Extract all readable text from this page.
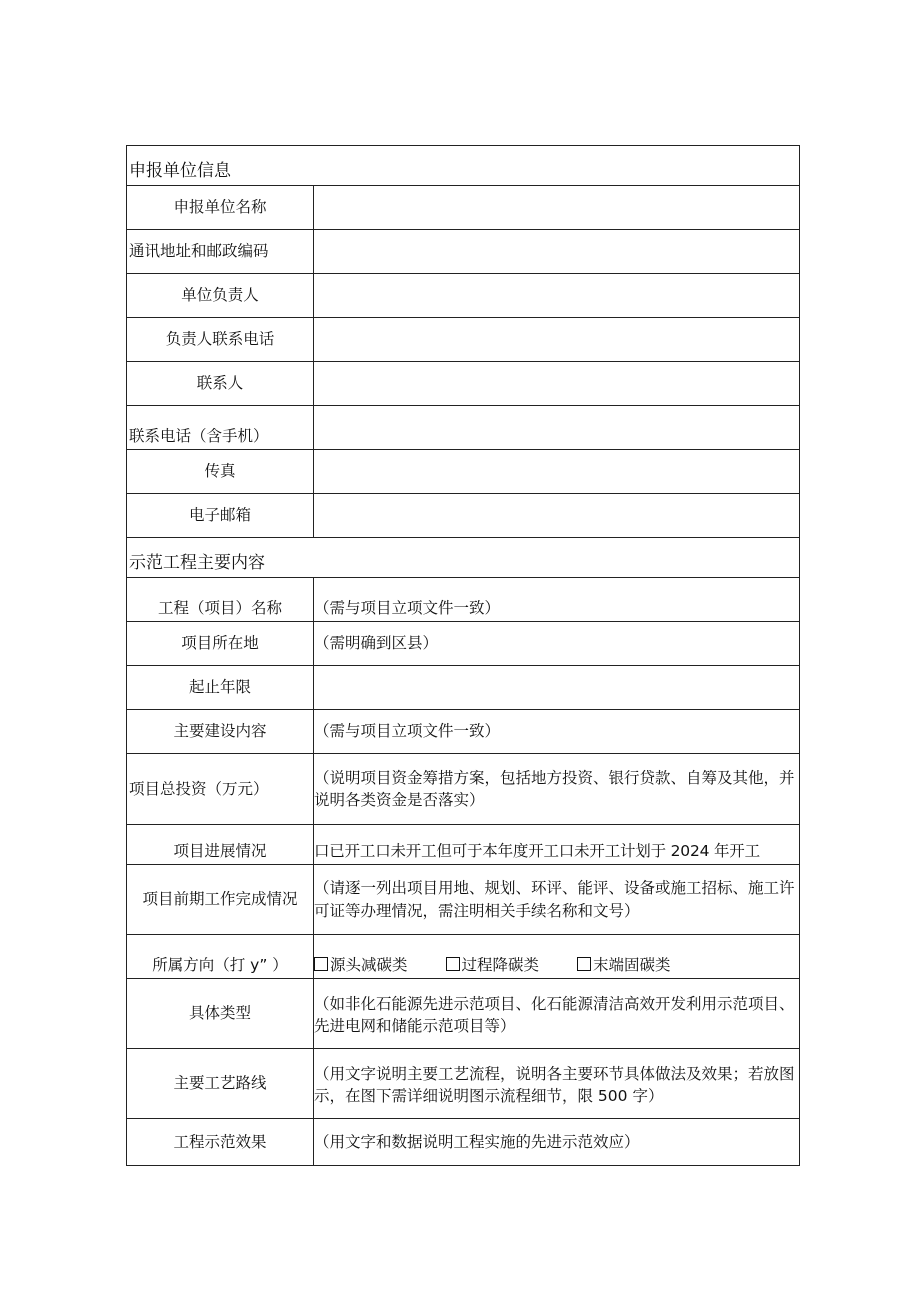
申报单位信息	
申报单位名称	
通讯地址和邮政编码	
单位负责人	
负责人联系电话	
联系人	
联系电话（含手机）	
传真	
电子邮箱	
示范工程主要内容	
工程（项目）名称	（需与项目立项文件一致）
项目所在地	（需明确到区县）
起止年限	
主要建设内容	（需与项目立项文件一致）
项目总投资（万元）	（说明项目资金筹措方案，包括地方投资、银行贷款、自筹及其他，并说明各类资金是否落实）
项目进展情况	口已开工口未开工但可于本年度开工口未开工计划于 2024 年开工
项目前期工作完成情况	（请逐一列出项目用地、规划、环评、能评、设备或施工招标、施工许可证等办理情况，需注明相关手续名称和文号）
所属方向（打 y” ）	源头减碳类 过程降碳类 末端固碳类
具体类型	（如非化石能源先进示范项目、化石能源清洁高效开发利用示范项目、先进电网和储能示范项目等）
主要工艺路线	（用文字说明主要工艺流程，说明各主要环节具体做法及效果；若放图示，在图下需详细说明图示流程细节，限 500 字）
工程示范效果	（用文字和数据说明工程实施的先进示范效应）
